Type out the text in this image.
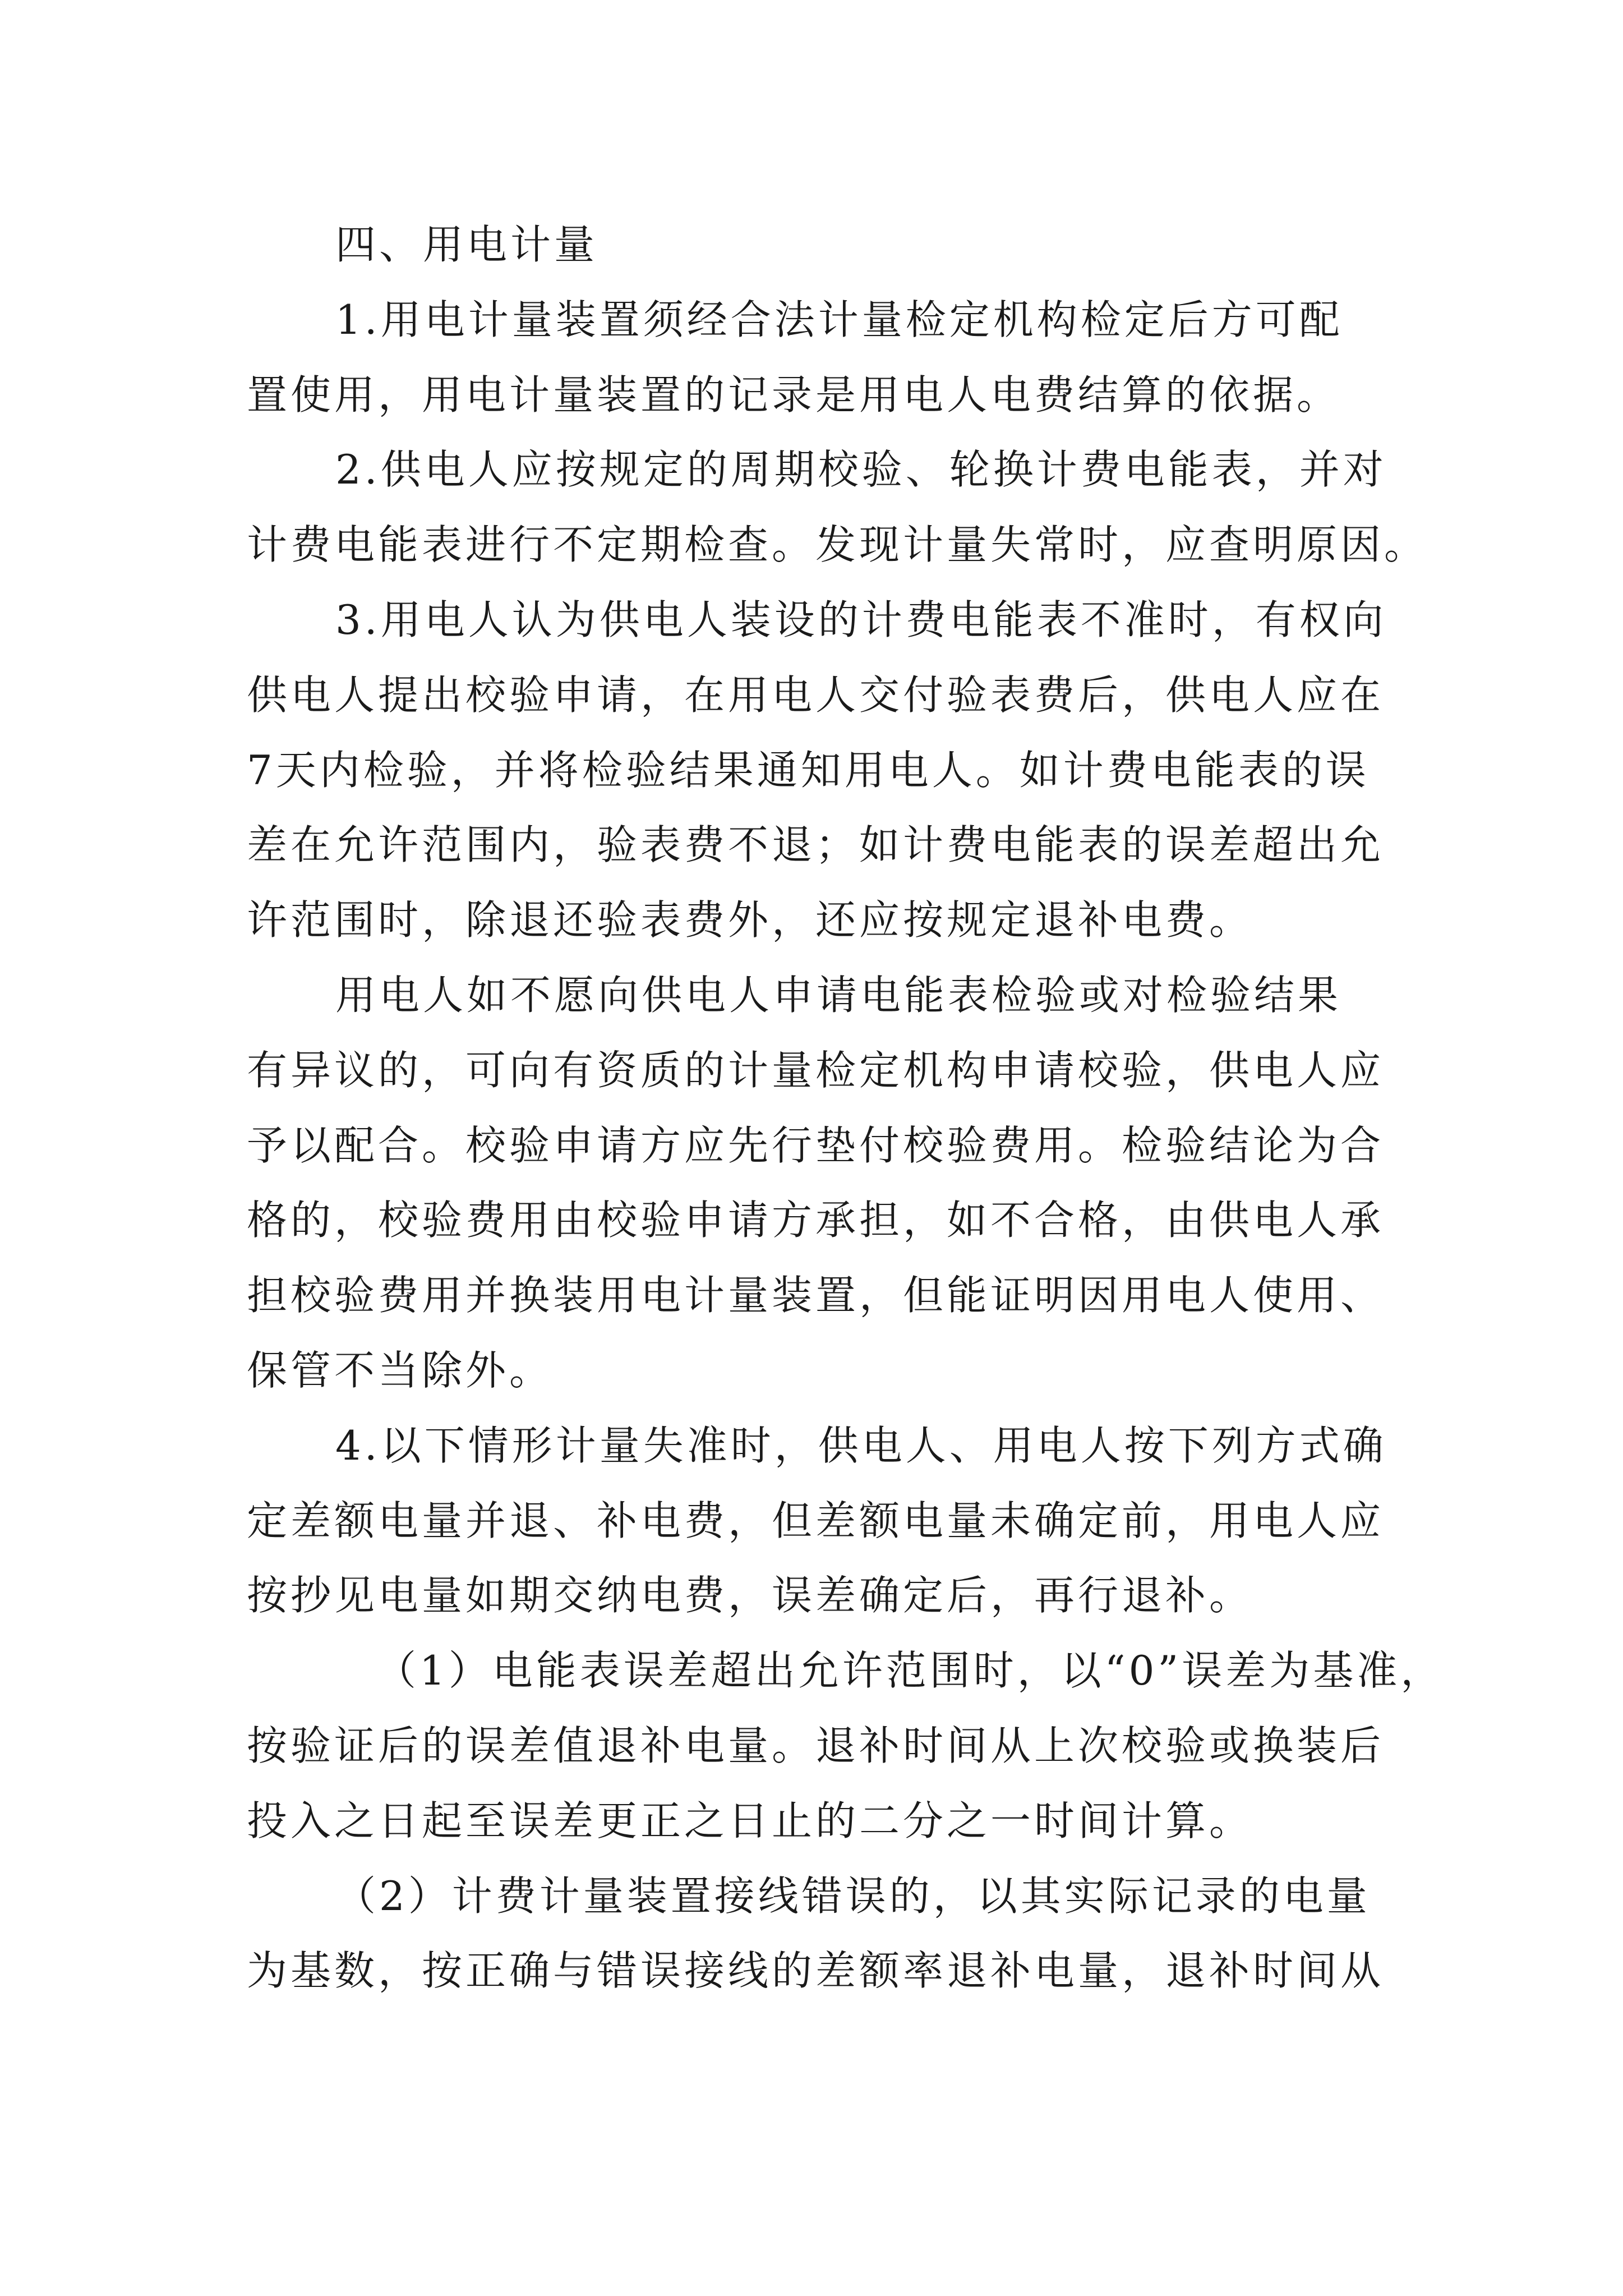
四、用电计量
1.用电计量装置须经合法计量检定机构检定后方可配
置使用，用电计量装置的记录是用电人电费结算的依据。
2.供电人应按规定的周期校验、轮换计费电能表，并对
计费电能表进行不定期检查。发现计量失常时，应查明原因。
3.用电人认为供电人装设的计费电能表不准时，有权向
供电人提出校验申请，在用电人交付验表费后，供电人应在
7天内检验，并将检验结果通知用电人。如计费电能表的误
差在允许范围内，验表费不退；如计费电能表的误差超出允
许范围时，除退还验表费外，还应按规定退补电费。
用电人如不愿向供电人申请电能表检验或对检验结果
有异议的，可向有资质的计量检定机构申请校验，供电人应
予以配合。校验申请方应先行垫付校验费用。检验结论为合
格的，校验费用由校验申请方承担，如不合格，由供电人承
担校验费用并换装用电计量装置，但能证明因用电人使用、
保管不当除外。
4.以下情形计量失准时，供电人、用电人按下列方式确
定差额电量并退、补电费，但差额电量未确定前，用电人应
按抄见电量如期交纳电费，误差确定后，再行退补。
（1）电能表误差超出允许范围时，以“0”误差为基准，
按验证后的误差值退补电量。退补时间从上次校验或换装后
投入之日起至误差更正之日止的二分之一时间计算。
（2）计费计量装置接线错误的，以其实际记录的电量
为基数，按正确与错误接线的差额率退补电量，退补时间从
